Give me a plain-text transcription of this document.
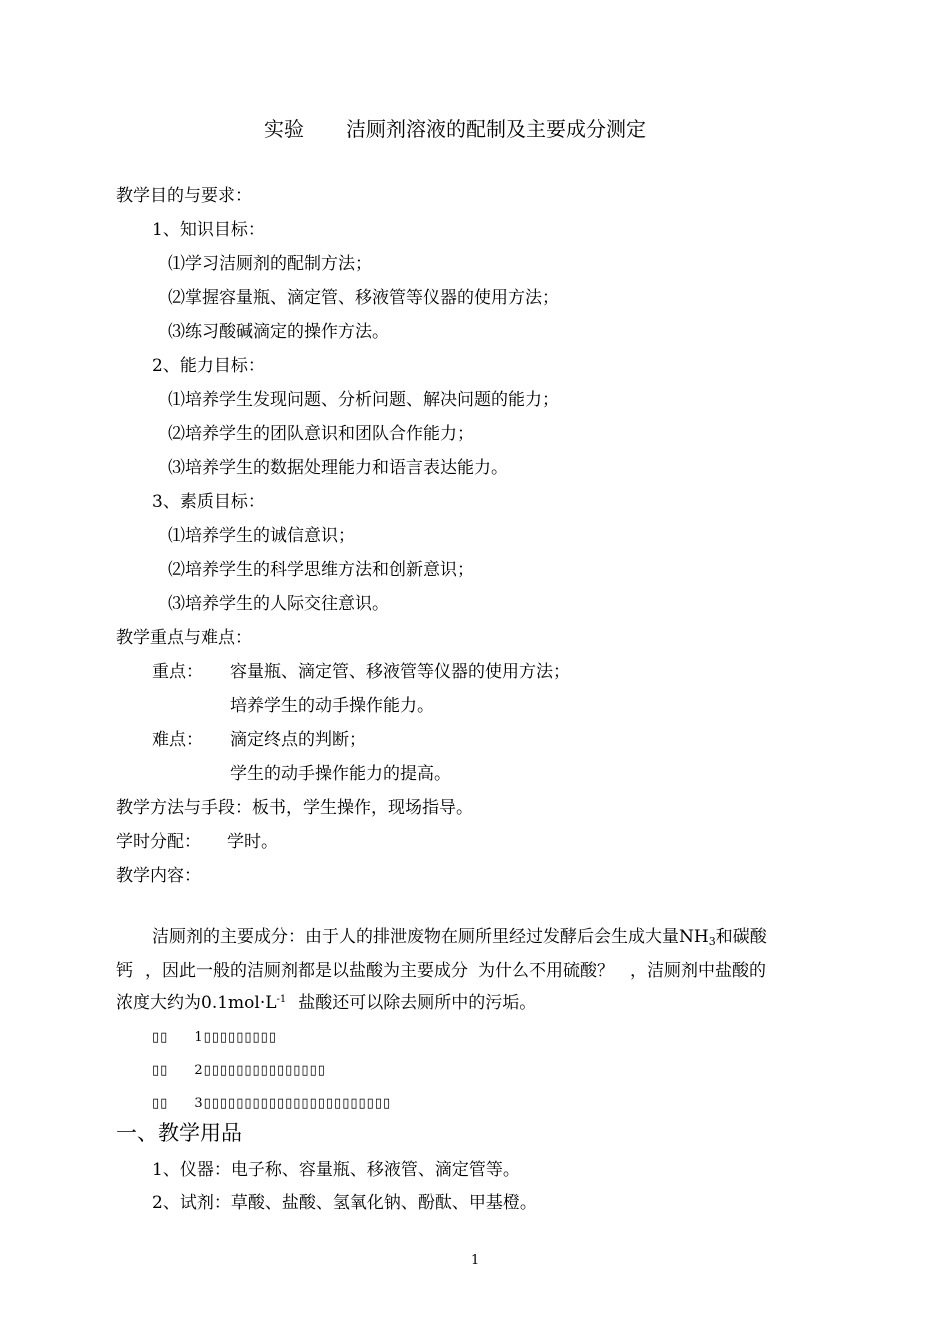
实验 洁厕剂溶液的配制及主要成分测定
教学目的与要求：
1、知识目标：
⑴学习洁厕剂的配制方法；
⑵掌握容量瓶、滴定管、移液管等仪器的使用方法；
⑶练习酸碱滴定的操作方法。
2、能力目标：
⑴培养学生发现问题、分析问题、解决问题的能力；
⑵培养学生的团队意识和团队合作能力；
⑶培养学生的数据处理能力和语言表达能力。
3、素质目标：
⑴培养学生的诚信意识；
⑵培养学生的科学思维方法和创新意识；
⑶培养学生的人际交往意识。
教学重点与难点：
重点： 容量瓶、滴定管、移液管等仪器的使用方法；
培养学生的动手操作能力。
难点： 滴定终点的判断；
学生的动手操作能力的提高。
教学方法与手段：板书，学生操作，现场指导。
学时分配： 学时。
教学内容：
洁厕剂的主要成分：由于人的排泄废物在厕所里经过发酵后会生成大量$NH_3$和碳酸
钙 ，因此一般的洁厕剂都是以盐酸为主要成分 为什么不用硫酸？ ，洁厕剂中盐酸的
浓度大约为$0.1mol\cdot L^{-1}$ 盐酸还可以除去厕所中的污垢。
▯▯ 1▯▯▯▯▯▯▯▯▯
▯▯ 2▯▯▯▯▯▯▯▯▯▯▯▯▯▯▯
▯▯ 3▯▯▯▯▯▯▯▯▯▯▯▯▯▯▯▯▯▯▯▯▯▯▯
一、教学用品
1、仪器：电子称、容量瓶、移液管、滴定管等。
2、试剂：草酸、盐酸、氢氧化钠、酚酞、甲基橙。
1
